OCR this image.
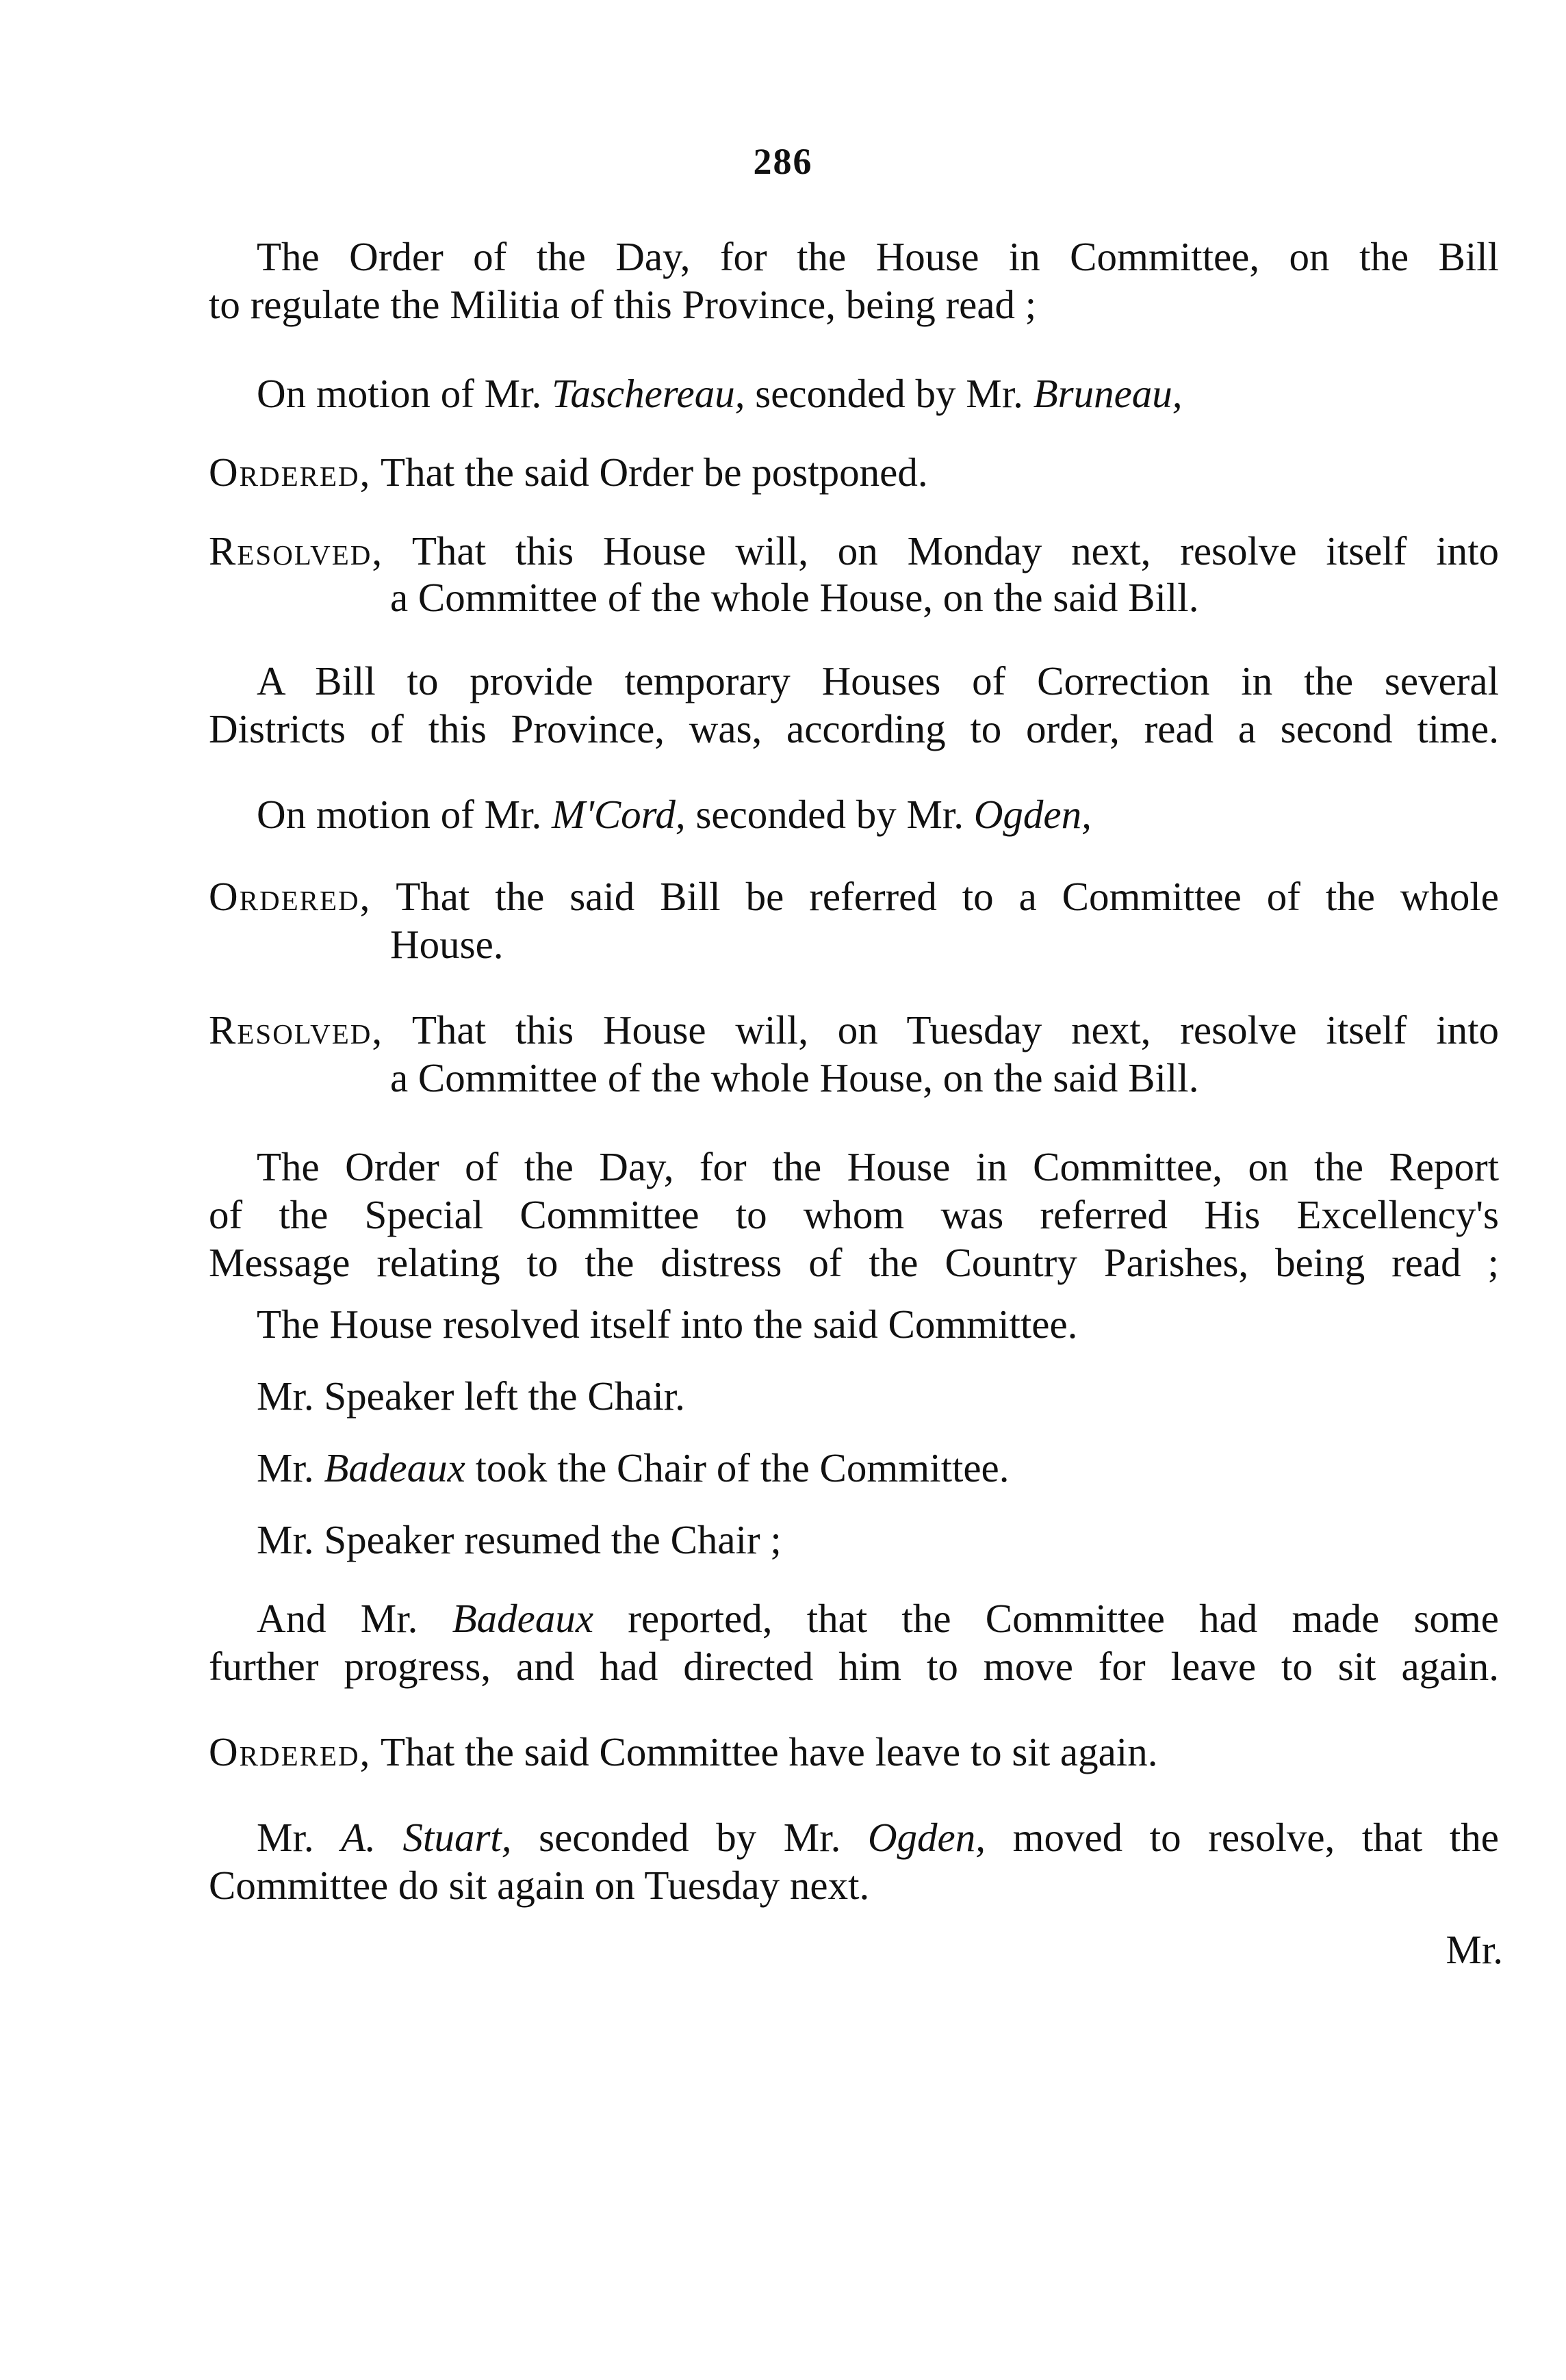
286
The Order of the Day, for the House in Committee, on the Bill
to regulate the Militia of this Province, being read ;
On motion of Mr. Taschereau, seconded by Mr. Bruneau,
Ordered, That the said Order be postponed.
Resolved, That this House will, on Monday next, resolve itself into
a Committee of the whole House, on the said Bill.
A Bill to provide temporary Houses of Correction in the several
Districts of this Province, was, according to order, read a second time.
On motion of Mr. M'Cord, seconded by Mr. Ogden,
Ordered, That the said Bill be referred to a Committee of the whole
House.
Resolved, That this House will, on Tuesday next, resolve itself into
a Committee of the whole House, on the said Bill.
The Order of the Day, for the House in Committee, on the Report
of the Special Committee to whom was referred His Excellency's
Message relating to the distress of the Country Parishes, being read ;
The House resolved itself into the said Committee.
Mr. Speaker left the Chair.
Mr. Badeaux took the Chair of the Committee.
Mr. Speaker resumed the Chair ;
And Mr. Badeaux reported, that the Committee had made some
further progress, and had directed him to move for leave to sit again.
Ordered, That the said Committee have leave to sit again.
Mr. A. Stuart, seconded by Mr. Ogden, moved to resolve, that the
Committee do sit again on Tuesday next.
Mr.
